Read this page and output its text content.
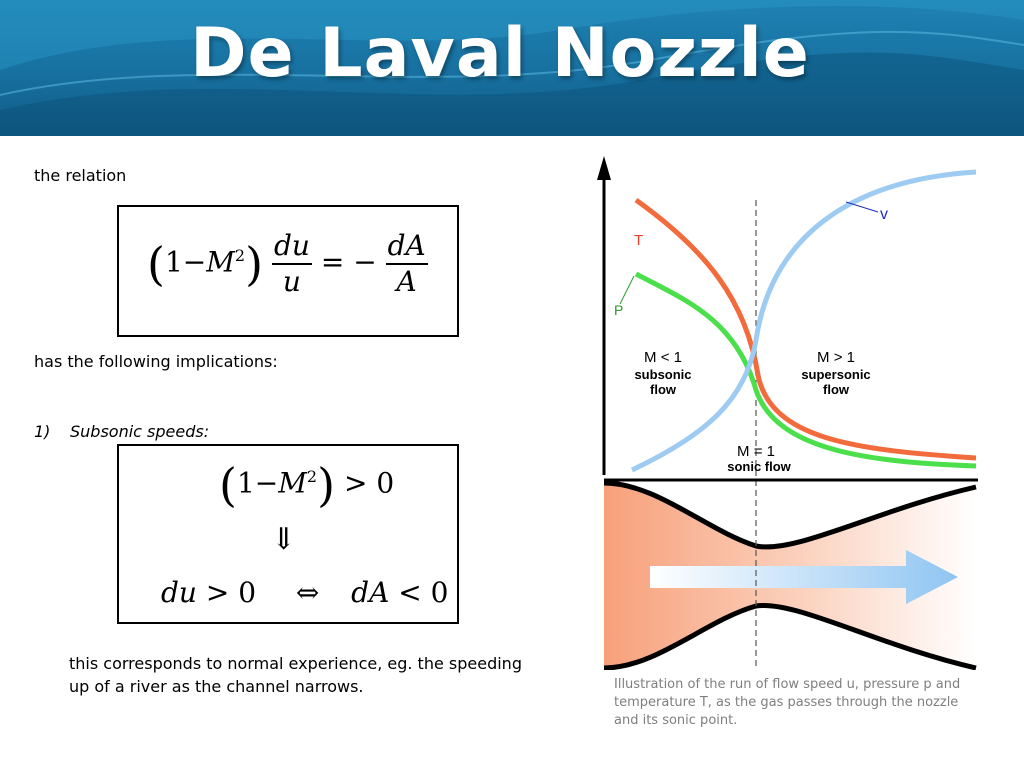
De Laval Nozzle
the relation
$(1-M^2) \frac{du}{u}$ = − $\frac{dA}{A}$
has the following implications:
1) Subsonic speeds:
$(1-M^2) > 0$
⇓
du > 0 ⇔ dA < 0
this corresponds to normal experience, eg. the speeding
up of a river as the channel narrows.
v
T
P
M < 1
subsonic
flow
M > 1
supersonic
flow
M = 1
sonic flow
Illustration of the run of flow speed u, pressure p and temperature T, as the gas passes through the nozzle and its sonic point.
